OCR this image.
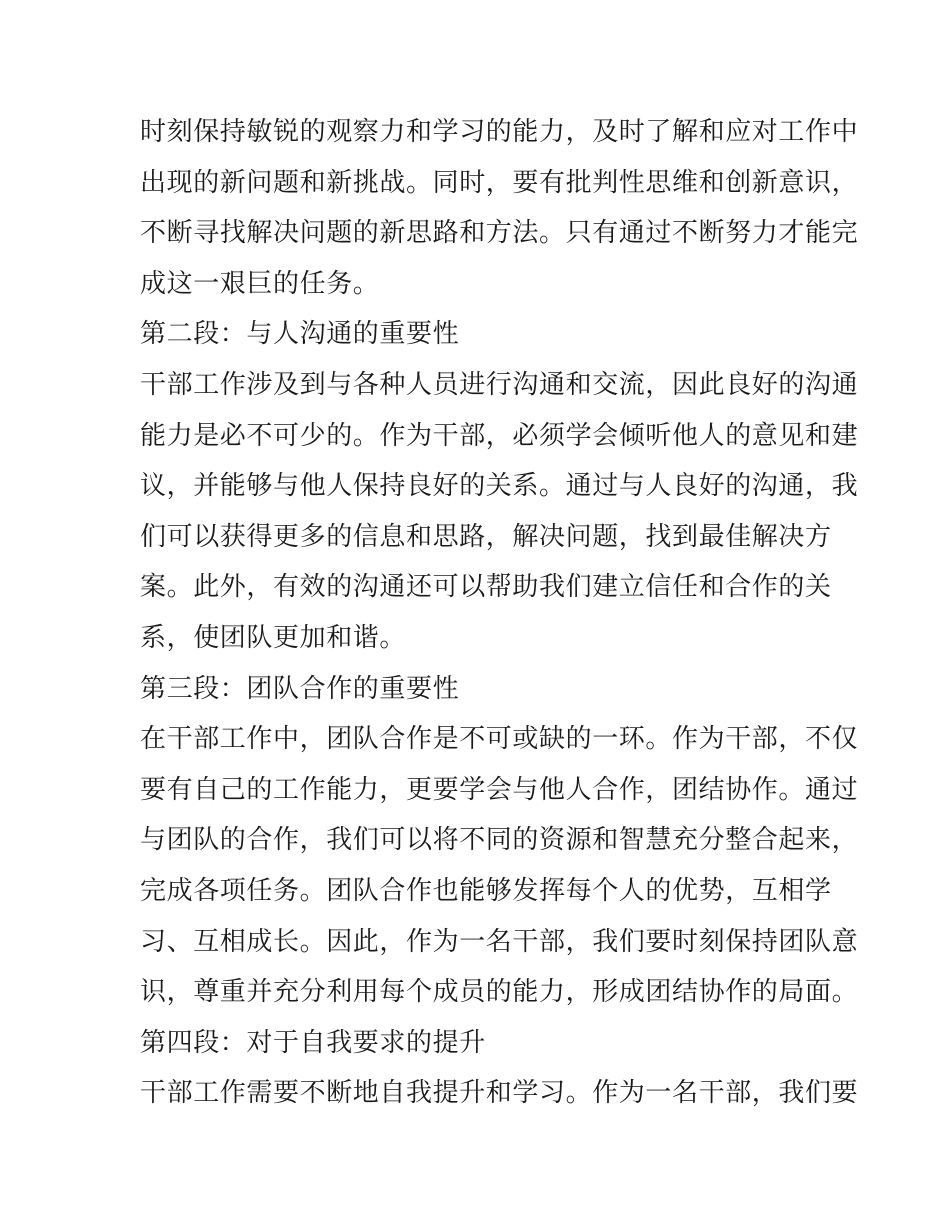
时刻保持敏锐的观察力和学习的能力，及时了解和应对工作中
出现的新问题和新挑战。同时，要有批判性思维和创新意识，
不断寻找解决问题的新思路和方法。只有通过不断努力才能完
成这一艰巨的任务。
第二段：与人沟通的重要性
干部工作涉及到与各种人员进行沟通和交流，因此良好的沟通
能力是必不可少的。作为干部，必须学会倾听他人的意见和建
议，并能够与他人保持良好的关系。通过与人良好的沟通，我
们可以获得更多的信息和思路，解决问题，找到最佳解决方
案。此外，有效的沟通还可以帮助我们建立信任和合作的关
系，使团队更加和谐。
第三段：团队合作的重要性
在干部工作中，团队合作是不可或缺的一环。作为干部，不仅
要有自己的工作能力，更要学会与他人合作，团结协作。通过
与团队的合作，我们可以将不同的资源和智慧充分整合起来，
完成各项任务。团队合作也能够发挥每个人的优势，互相学
习、互相成长。因此，作为一名干部，我们要时刻保持团队意
识，尊重并充分利用每个成员的能力，形成团结协作的局面。
第四段：对于自我要求的提升
干部工作需要不断地自我提升和学习。作为一名干部，我们要
